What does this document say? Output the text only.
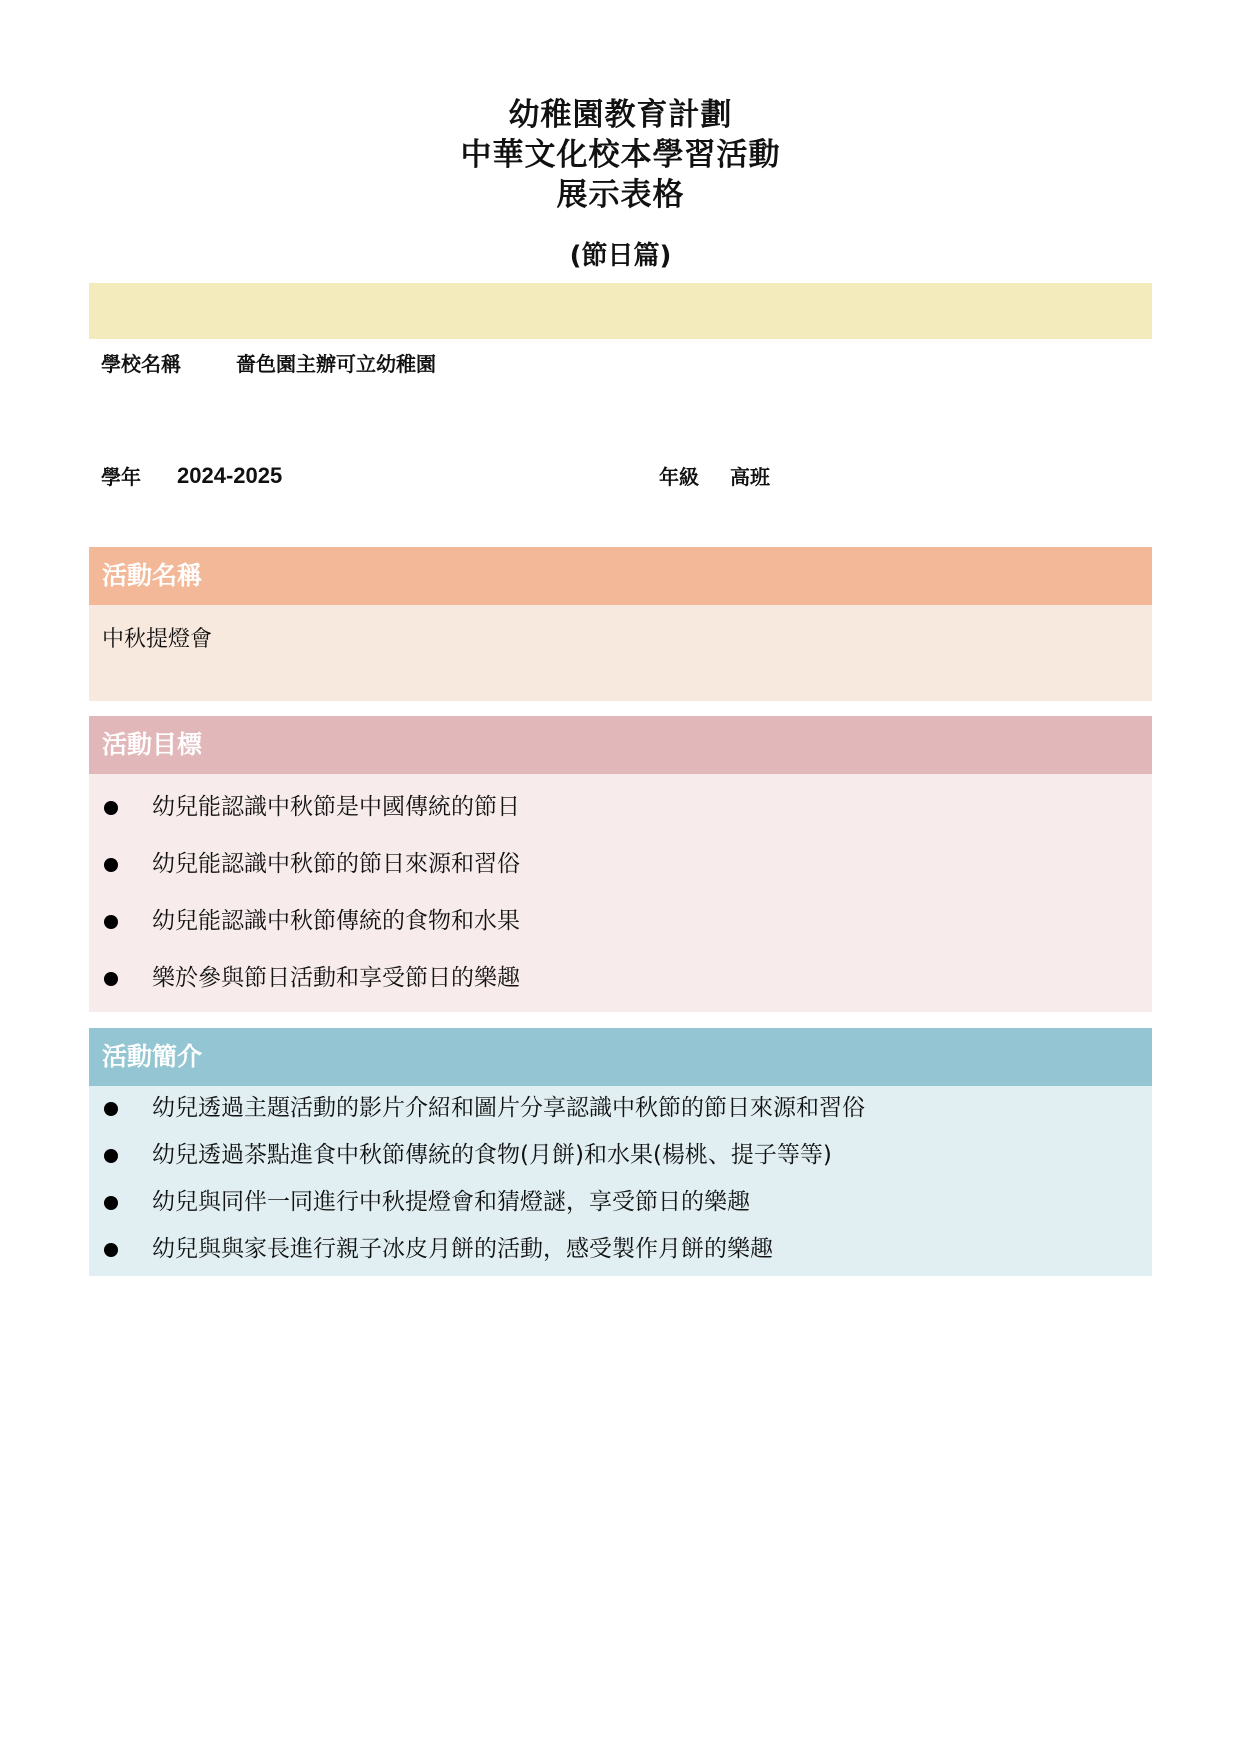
幼稚園教育計劃
中華文化校本學習活動
展示表格
(節日篇)
學校名稱	嗇色園主辦可立幼稚園
學年 2024-2025	年級 高班
活動名稱
中秋提燈會
活動目標
幼兒能認識中秋節是中國傳統的節日
幼兒能認識中秋節的節日來源和習俗
幼兒能認識中秋節傳統的食物和水果
樂於參與節日活動和享受節日的樂趣
活動簡介
幼兒透過主題活動的影片介紹和圖片分享認識中秋節的節日來源和習俗
幼兒透過茶點進食中秋節傳統的食物(月餅)和水果(楊桃、提子等等)
幼兒與同伴一同進行中秋提燈會和猜燈謎，享受節日的樂趣
幼兒與與家長進行親子冰皮月餅的活動，感受製作月餅的樂趣
